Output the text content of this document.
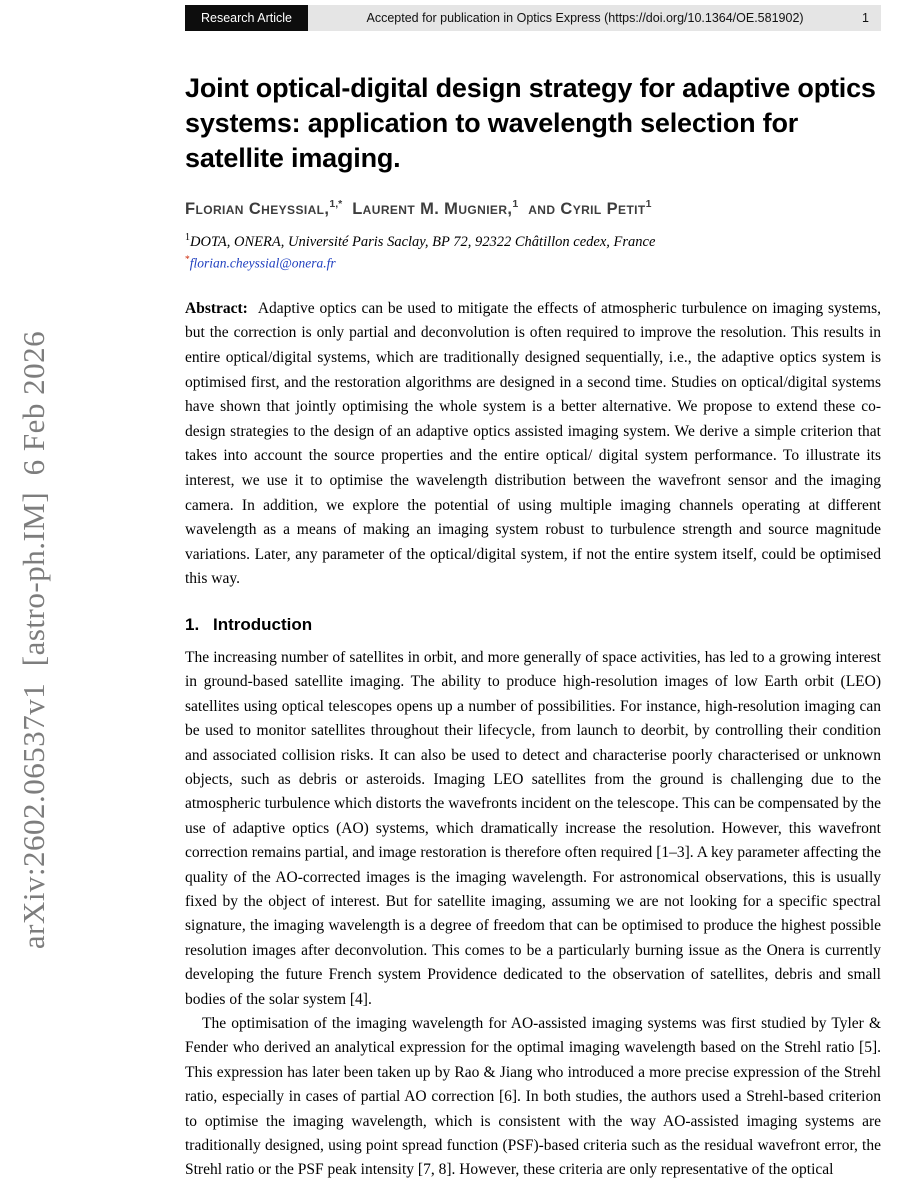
Research Article	Accepted for publication in Optics Express (https://doi.org/10.1364/OE.581902)	1
arXiv:2602.06537v1  [astro-ph.IM]  6 Feb 2026
Joint optical-digital design strategy for adaptive optics systems: application to wavelength selection for satellite imaging.
Florian Cheyssial,$^{1,*}$ Laurent M. Mugnier,$^1$ and Cyril Petit$^1$
$^1$DOTA, ONERA, Université Paris Saclay, BP 72, 92322 Châtillon cedex, France
*florian.cheyssial@onera.fr

Abstract: Adaptive optics can be used to mitigate the effects of atmospheric turbulence on imaging systems, but the correction is only partial and deconvolution is often required to improve the resolution. This results in entire optical/digital systems, which are traditionally designed sequentially, i.e., the adaptive optics system is optimised first, and the restoration algorithms are designed in a second time. Studies on optical/digital systems have shown that jointly optimising the whole system is a better alternative. We propose to extend these co-design strategies to the design of an adaptive optics assisted imaging system. We derive a simple criterion that takes into account the source properties and the entire optical/ digital system performance. To illustrate its interest, we use it to optimise the wavelength distribution between the wavefront sensor and the imaging camera. In addition, we explore the potential of using multiple imaging channels operating at different wavelength as a means of making an imaging system robust to turbulence strength and source magnitude variations. Later, any parameter of the optical/digital system, if not the entire system itself, could be optimised this way.

1. Introduction

The increasing number of satellites in orbit, and more generally of space activities, has led to a growing interest in ground-based satellite imaging. The ability to produce high-resolution images of low Earth orbit (LEO) satellites using optical telescopes opens up a number of possibilities. For instance, high-resolution imaging can be used to monitor satellites throughout their lifecycle, from launch to deorbit, by controlling their condition and associated collision risks. It can also be used to detect and characterise poorly characterised or unknown objects, such as debris or asteroids. Imaging LEO satellites from the ground is challenging due to the atmospheric turbulence which distorts the wavefronts incident on the telescope. This can be compensated by the use of adaptive optics (AO) systems, which dramatically increase the resolution. However, this wavefront correction remains partial, and image restoration is therefore often required [1–3]. A key parameter affecting the quality of the AO-corrected images is the imaging wavelength. For astronomical observations, this is usually fixed by the object of interest. But for satellite imaging, assuming we are not looking for a specific spectral signature, the imaging wavelength is a degree of freedom that can be optimised to produce the highest possible resolution images after deconvolution. This comes to be a particularly burning issue as the Onera is currently developing the future French system Providence dedicated to the observation of satellites, debris and small bodies of the solar system [4].

The optimisation of the imaging wavelength for AO-assisted imaging systems was first studied by Tyler & Fender who derived an analytical expression for the optimal imaging wavelength based on the Strehl ratio [5]. This expression has later been taken up by Rao & Jiang who introduced a more precise expression of the Strehl ratio, especially in cases of partial AO correction [6]. In both studies, the authors used a Strehl-based criterion to optimise the imaging wavelength, which is consistent with the way AO-assisted imaging systems are traditionally designed, using point spread function (PSF)-based criteria such as the residual wavefront error, the Strehl ratio or the PSF peak intensity [7, 8]. However, these criteria are only representative of the optical
